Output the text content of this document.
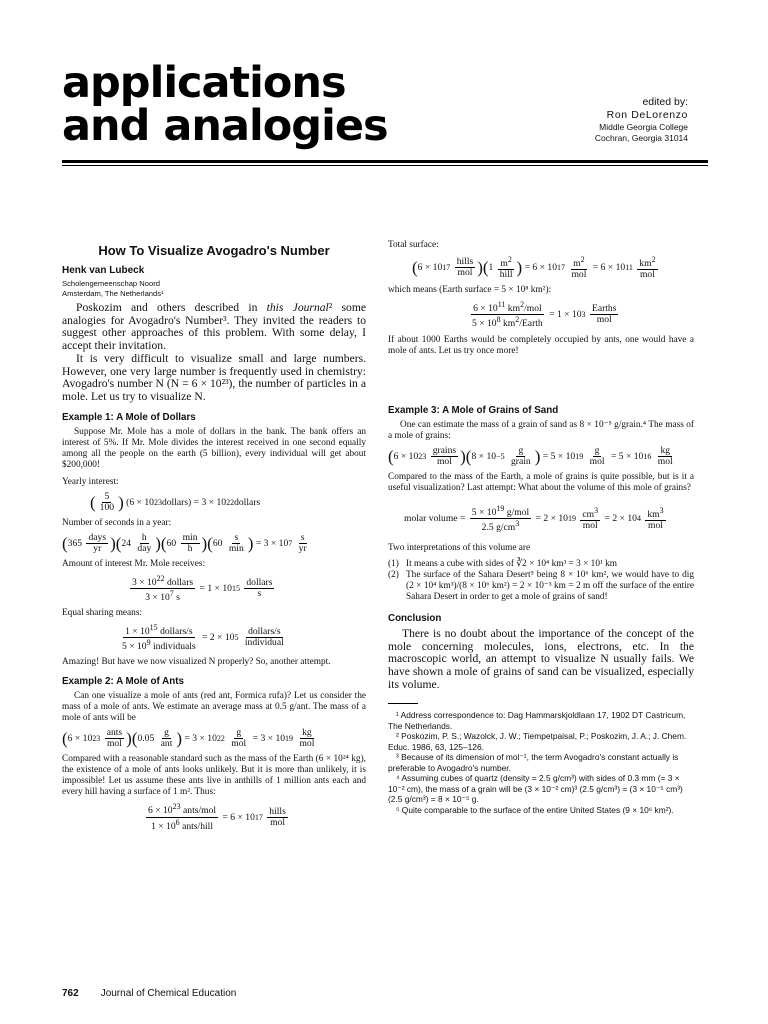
applications
and analogies	edited by:
Ron DeLorenzo
Middle Georgia College
Cochran, Georgia 31014
How To Visualize Avogadro's Number
Henk van Lubeck
Scholengemeenschap Noord
Amsterdam, The Netherlands¹

Poskozim and others described in this Journal² some analogies for Avogadro's Number³. They invited the readers to suggest other approaches of this problem. With some delay, I accept their invitation.

It is very difficult to visualize small and large numbers. However, one very large number is frequently used in chemistry: Avogadro's number N (N = 6 × 10²³), the number of particles in a mole. Let us try to visualize N.

Example 1: A Mole of Dollars

Suppose Mr. Mole has a mole of dollars in the bank. The bank offers an interest of 5%. If Mr. Mole divides the interest received in one second equally among all the people on the earth (5 billion), every individual will get about $200,000!

Yearly interest:

( $\frac{5}{100}$ ) (6 × 10 23 dollars) = 3 × 10 22 dollars

Number of seconds in a year:

( $365 \frac{\text{days}}{yr}$ )( $24 \frac{h}{\text{day}}$ )( $60 \frac{\min}{h}$ )( $60 \frac{s}{\min}$ ) = 3 × 10 7
$\frac{s}{yr}$

Amount of interest Mr. Mole receives:

$\frac{3 \times 10^{22} dollars}{3 \times 10^7 s} = 1 \times 10$ 15
$\frac{\text{dollars}}{s}$

Equal sharing means:

$\frac{1 \times 10^{15} dollars/s}{5 \times 10^9 individuals} = 2 \times 10$ 5
$\frac{\text{dollars/s}}{\text{individual}}$

Amazing! But have we now visualized N properly? So, another attempt.

Example 2: A Mole of Ants

Can one visualize a mole of ants (red ant, Formica rufa)? Let us consider the mass of a mole of ants. We estimate an average mass at 0.5 g/ant. The mass of a mole of ants will be

( 6 × 10 23
$\frac{\text{ants}}{\text{mol}}$ )( $0.05 \frac{g}{\text{ant}}$ ) = 3 × 10 22
$\frac{g}{\text{mol}} = 3 \times 10$ 19
$\frac{kg}{\text{mol}}$

Compared with a reasonable standard such as the mass of the Earth (6 × 10²⁴ kg), the existence of a mole of ants looks unlikely. But it is more than unlikely, it is impossible! Let us assume these ants live in anthills of 1 million ants each and every hill having a surface of 1 m². Thus:

$\frac{6 \times 10^{23} ants/mol}{1 \times 10^6 ants/hill} = 6 \times 10$ 17
$\frac{\text{hills}}{\text{mol}}$

Total surface:

( 6 × 10 17
$\frac{\text{hills}}{\text{mol}}$ )( $1 \frac{m^2}{\text{hill}}$ ) = 6 × 10 17
$\frac{m^2}{\text{mol}} = 6 \times 10$ 11
$\frac{km^2}{\text{mol}}$

which means (Earth surface = 5 × 10⁸ km²):

$\frac{6 \times 10^{11} km^2/mol}{5 \times 10^8 km^2/Earth} = 1 \times 10$ 3
$\frac{\text{Earths}}{\text{mol}}$

If about 1000 Earths would be completely occupied by ants, one would have a mole of ants. Let us try once more!

Example 3: A Mole of Grains of Sand

One can estimate the mass of a grain of sand as 8 × 10⁻⁵ g/grain.⁴ The mass of a mole of grains:

( 6 × 10 23
$\frac{\text{grains}}{\text{mol}}$ )( 8 × 10 −5
$\frac{g}{\text{grain}}$ ) = 5 × 10 19
$\frac{g}{\text{mol}} = 5 \times 10$ 16
$\frac{kg}{\text{mol}}$

Compared to the mass of the Earth, a mole of grains is quite possible, but is it a useful visualization? Last attempt: What about the volume of this mole of grains?

molar volume = $\frac{5 \times 10^{19} g/mol}{2.5 g/cm^3} = 2 \times 10$ 19
$\frac{cm^3}{\text{mol}} = 2 \times 10$ 4
$\frac{km^3}{\text{mol}}$

Two interpretations of this volume are

(1) It means a cube with sides of ∛2 × 10⁴ km³ = 3 × 10¹ km
(2) The surface of the Sahara Desert⁵ being 8 × 10⁶ km², we would have to dig (2 × 10⁴ km³)/(8 × 10⁶ km²) = 2 × 10⁻³ km = 2 m off the surface of the entire Sahara Desert in order to get a mole of grains of sand!
Conclusion

There is no doubt about the importance of the concept of the mole concerning molecules, ions, electrons, etc. In the macroscopic world, an attempt to visualize N usually fails. We have shown a mole of grains of sand can be visualized, especially its volume.

¹ Address correspondence to: Dag Hammarskjoldlaan 17, 1902 DT Castricum, The Netherlands.

² Poskozim, P. S.; Wazolck, J. W.; Tiempetpaisal, P.; Poskozim, J. A.; J. Chem. Educ. 1986, 63, 125–126.

³ Because of its dimension of mol⁻¹, the term Avogadro's constant actually is preferable to Avogadro's number.

⁴ Assuming cubes of quartz (density = 2.5 g/cm³) with sides of 0.3 mm (= 3 × 10⁻² cm), the mass of a grain will be (3 × 10⁻² cm)³ (2.5 g/cm³) = (3 × 10⁻⁵ cm³) (2.5 g/cm³) = 8 × 10⁻⁵ g.

⁵ Quite comparable to the surface of the entire United States (9 × 10⁶ km²).

762 Journal of Chemical Education
